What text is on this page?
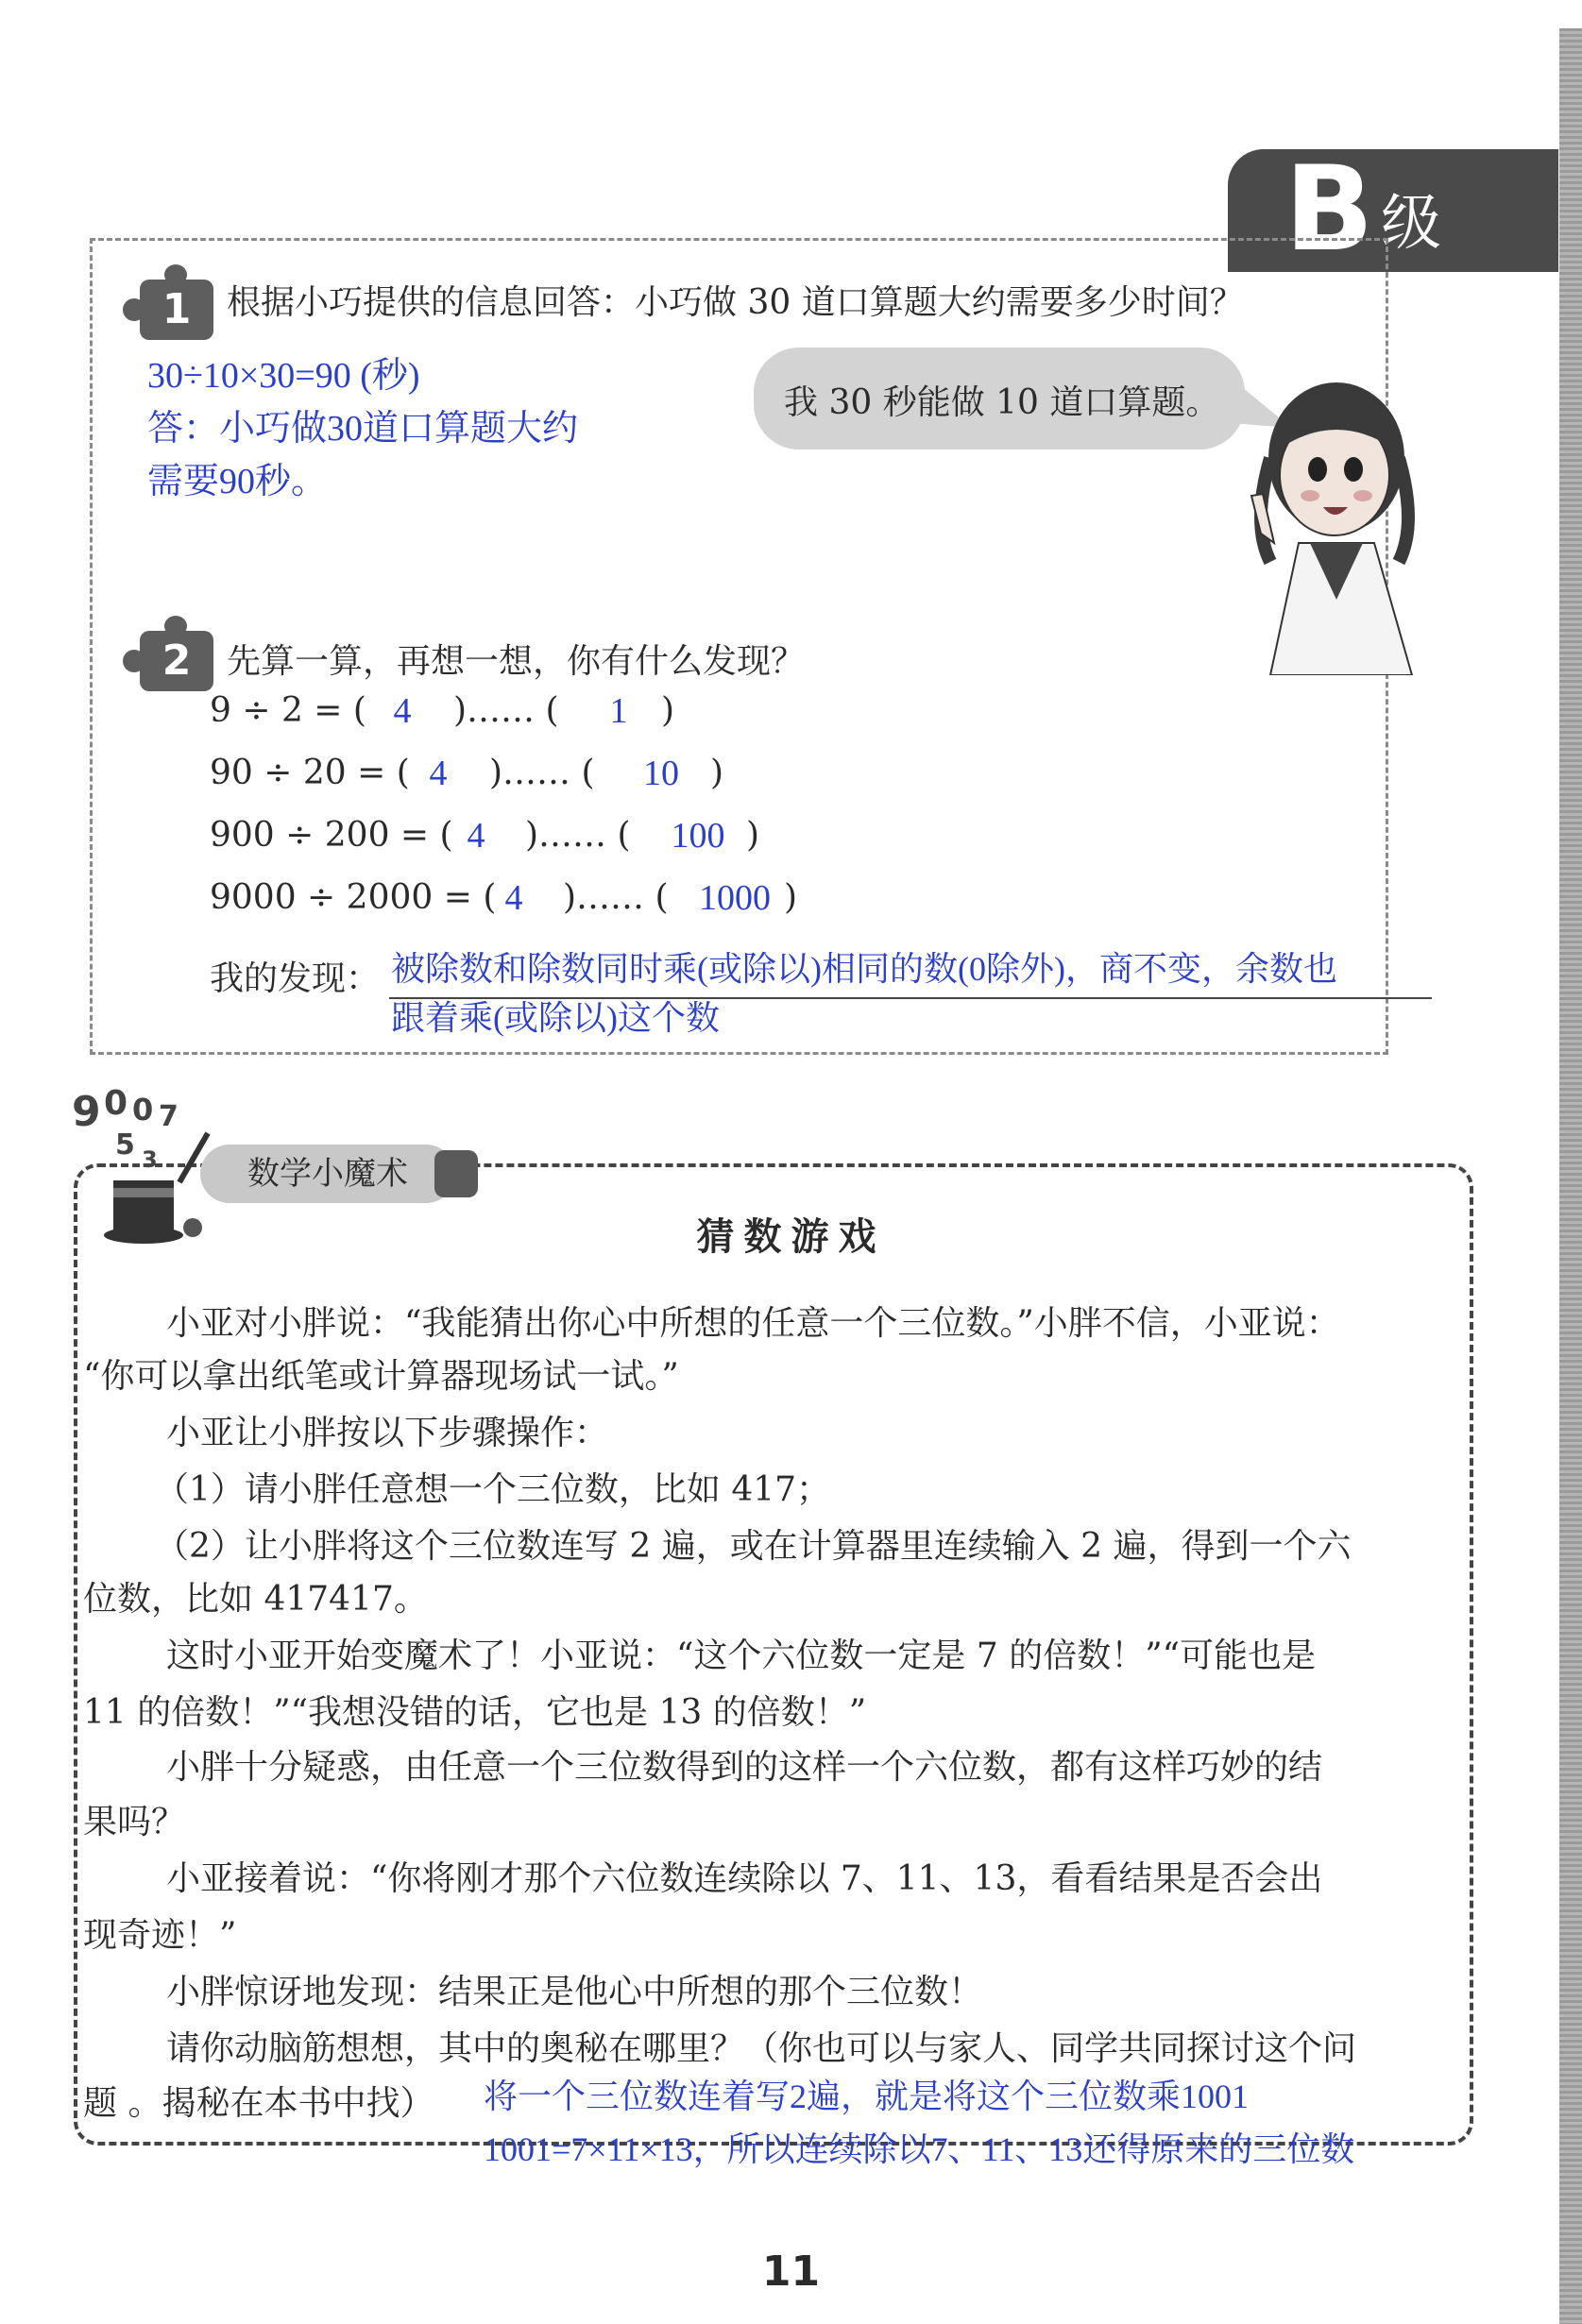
B 级
1	根据小巧提供的信息回答：小巧做 30 道口算题大约需要多少时间？
30÷10×30=90 (秒)
答：小巧做30道口算题大约
需要90秒。
我 30 秒能做 10 道口算题。
2	先算一算，再想一想，你有什么发现？
9 ÷ 2 = ( 4	)…… (	1 )
90 ÷ 20 = ( 4	)…… (	10 )
900 ÷ 200 = ( 4	)…… (	100 )
9000 ÷ 2000 = ( 4	)…… ( 1000 )
我的发现： 被除数和除数同时乘(或除以)相同的数(0除外)，商不变，余数也
跟着乘(或除以)这个数
9 0 0 7
5 3	数学小魔术
猜数游戏
小亚对小胖说：“我能猜出你心中所想的任意一个三位数。”小胖不信，小亚说：
“你可以拿出纸笔或计算器现场试一试。”
小亚让小胖按以下步骤操作：
（1）请小胖任意想一个三位数，比如 417；
（2）让小胖将这个三位数连写 2 遍，或在计算器里连续输入 2 遍，得到一个六
位数，比如 417417。
这时小亚开始变魔术了！小亚说：“这个六位数一定是 7 的倍数！”“可能也是
11 的倍数！”“我想没错的话，它也是 13 的倍数！”
小胖十分疑惑，由任意一个三位数得到的这样一个六位数，都有这样巧妙的结
果吗？
小亚接着说：“你将刚才那个六位数连续除以 7、11、13，看看结果是否会出
现奇迹！”
小胖惊讶地发现：结果正是他心中所想的那个三位数！
请你动脑筋想想，其中的奥秘在哪里？（你也可以与家人、同学共同探讨这个问
题 。揭秘在本书中找） 将一个三位数连着写2遍，就是将这个三位数乘1001
1001=7×11×13，所以连续除以7、11、13还得原来的三位数
11
